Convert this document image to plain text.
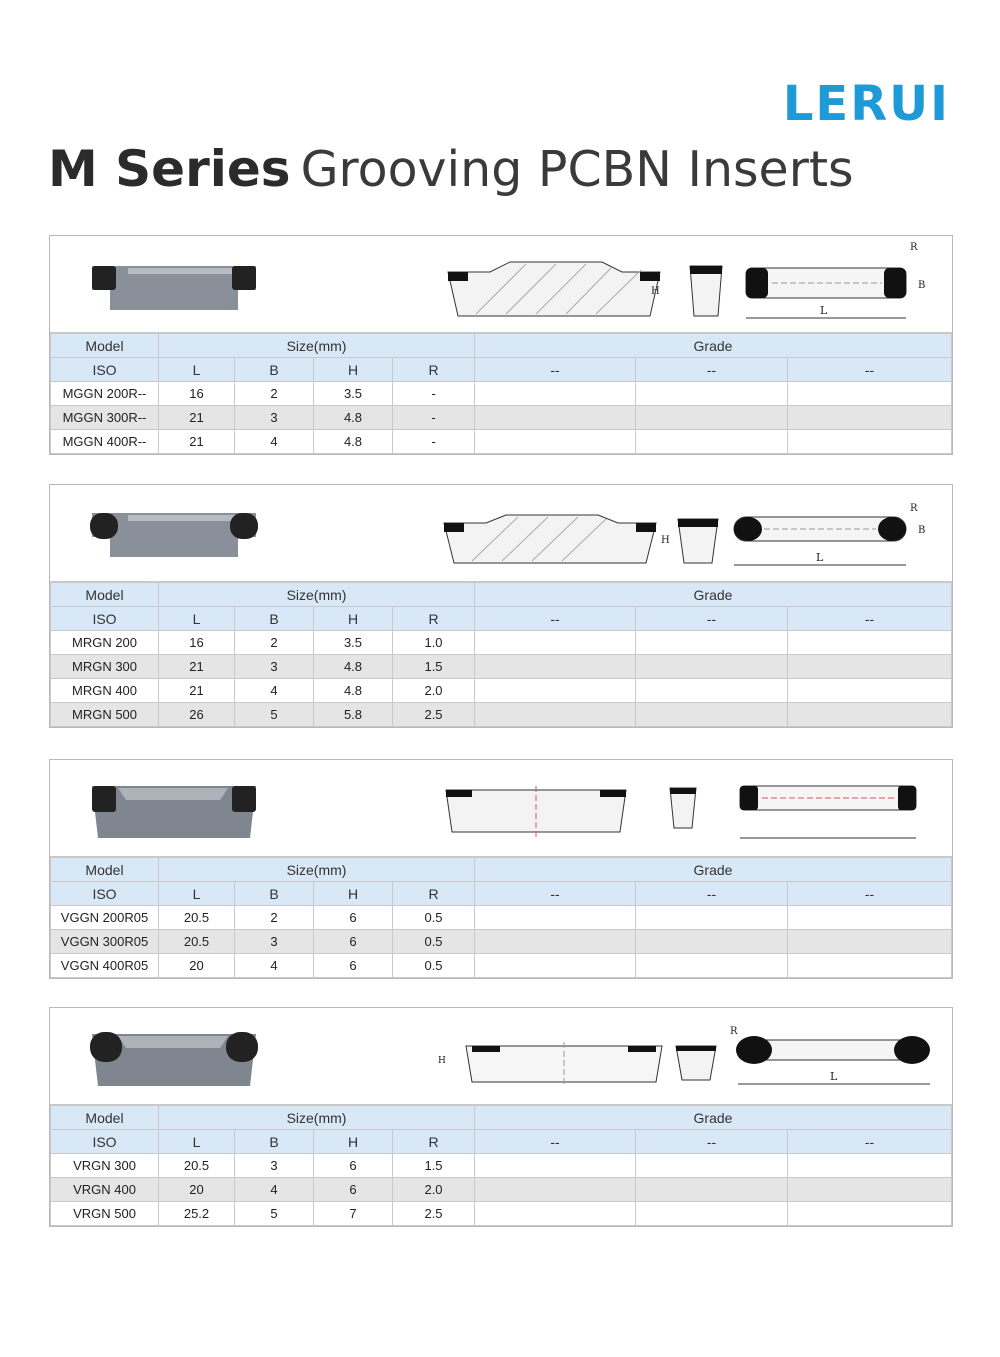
LERUI
M Series Grooving PCBN Inserts
H
L
R
B
Model	Size(mm)				Grade		
ISO	L	B	H	R	--	--	--
MGGN 200R--	16	2	3.5	-			
MGGN 300R--	21	3	4.8	-			
MGGN 400R--	21	4	4.8	-			
H
L
R
B
Model	Size(mm)				Grade		
ISO	L	B	H	R	--	--	--
MRGN 200	16	2	3.5	1.0			
MRGN 300	21	3	4.8	1.5			
MRGN 400	21	4	4.8	2.0			
MRGN 500	26	5	5.8	2.5			
Model	Size(mm)				Grade		
ISO	L	B	H	R	--	--	--
VGGN 200R05	20.5	2	6	0.5			
VGGN 300R05	20.5	3	6	0.5			
VGGN 400R05	20	4	6	0.5			
H
R
L
Model	Size(mm)				Grade		
ISO	L	B	H	R	--	--	--
VRGN 300	20.5	3	6	1.5			
VRGN 400	20	4	6	2.0			
VRGN 500	25.2	5	7	2.5			
